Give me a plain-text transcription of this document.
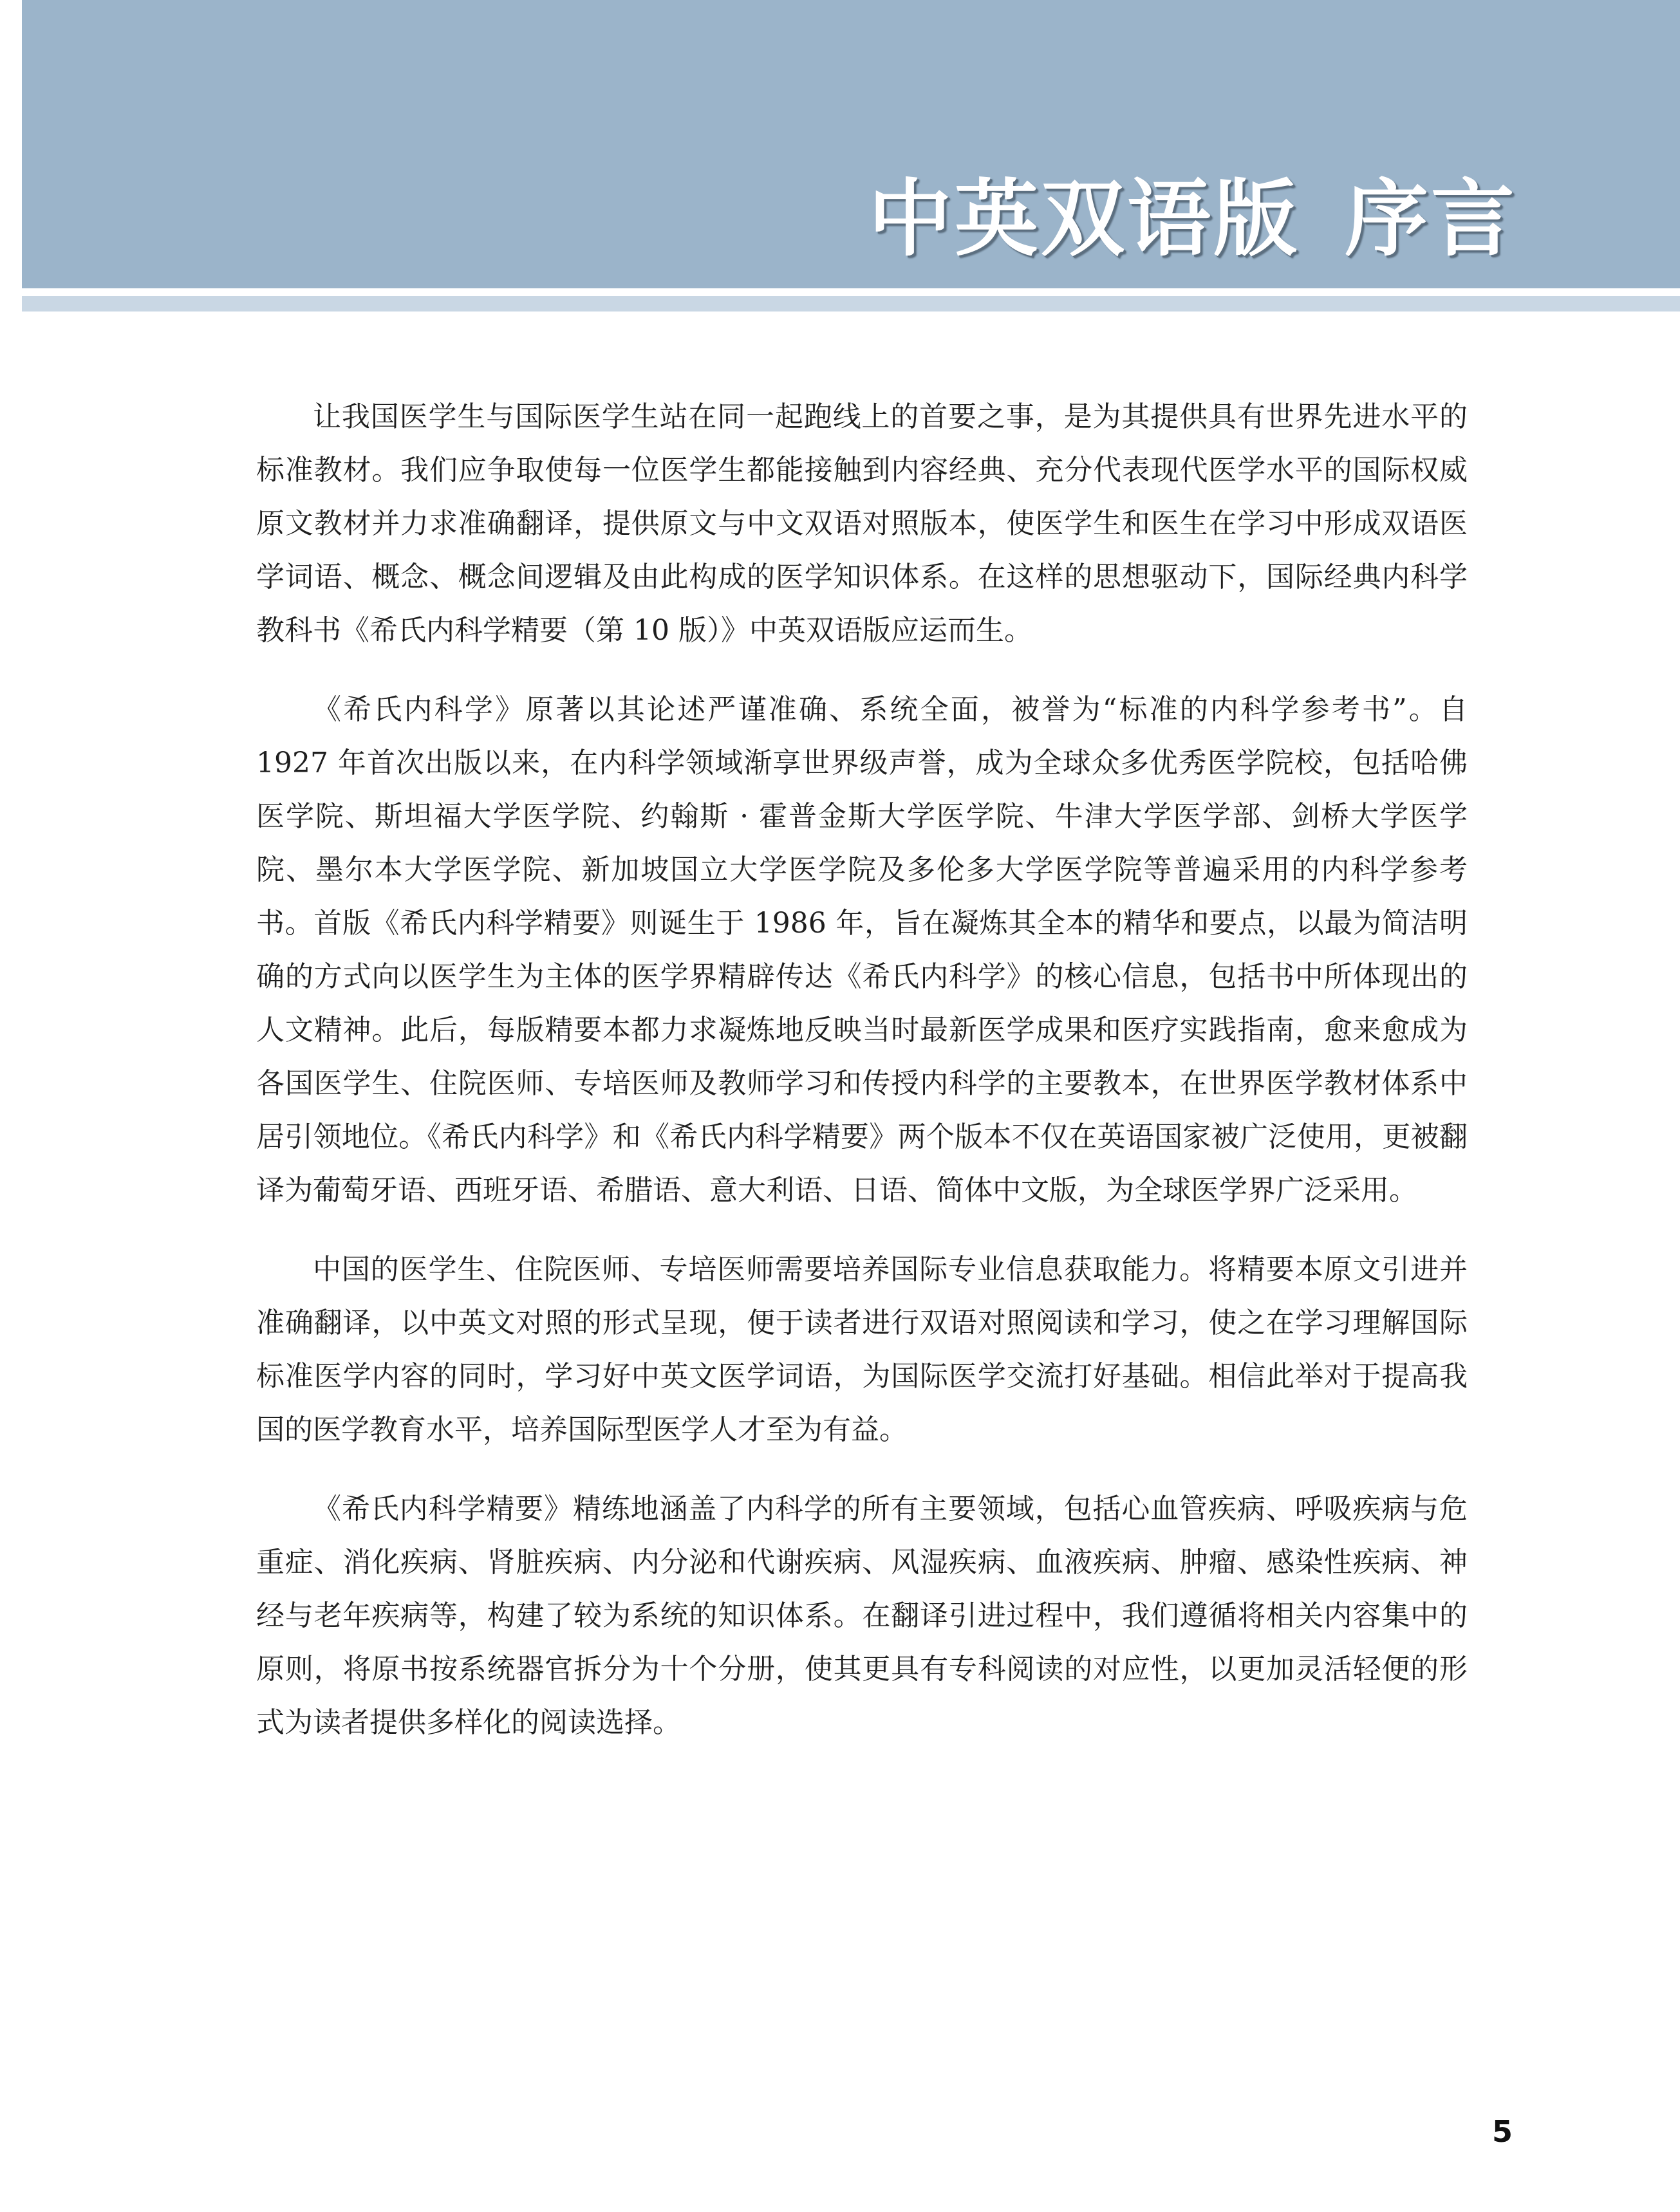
中英双语版 序言

让我国医学生与国际医学生站在同一起跑线上的首要之事，是为其提供具有世界先进水平的标准教材。我们应争取使每一位医学生都能接触到内容经典、充分代表现代医学水平的国际权威原文教材并力求准确翻译，提供原文与中文双语对照版本，使医学生和医生在学习中形成双语医学词语、概念、概念间逻辑及由此构成的医学知识体系。在这样的思想驱动下，国际经典内科学教科书《希氏内科学精要（第 10 版）》中英双语版应运而生。

《希氏内科学》原著以其论述严谨准确、系统全面，被誉为“标准的内科学参考书”。自 1927 年首次出版以来，在内科学领域渐享世界级声誉，成为全球众多优秀医学院校，包括哈佛医学院、斯坦福大学医学院、约翰斯 · 霍普金斯大学医学院、牛津大学医学部、剑桥大学医学院、墨尔本大学医学院、新加坡国立大学医学院及多伦多大学医学院等普遍采用的内科学参考书。首版《希氏内科学精要》则诞生于 1986 年，旨在凝炼其全本的精华和要点，以最为简洁明确的方式向以医学生为主体的医学界精辟传达《希氏内科学》的核心信息，包括书中所体现出的人文精神。此后，每版精要本都力求凝炼地反映当时最新医学成果和医疗实践指南，愈来愈成为各国医学生、住院医师、专培医师及教师学习和传授内科学的主要教本，在世界医学教材体系中居引领地位。《希氏内科学》和《希氏内科学精要》两个版本不仅在英语国家被广泛使用，更被翻译为葡萄牙语、西班牙语、希腊语、意大利语、日语、简体中文版，为全球医学界广泛采用。

中国的医学生、住院医师、专培医师需要培养国际专业信息获取能力。将精要本原文引进并准确翻译，以中英文对照的形式呈现，便于读者进行双语对照阅读和学习，使之在学习理解国际标准医学内容的同时，学习好中英文医学词语，为国际医学交流打好基础。相信此举对于提高我国的医学教育水平，培养国际型医学人才至为有益。

《希氏内科学精要》精练地涵盖了内科学的所有主要领域，包括心血管疾病、呼吸疾病与危重症、消化疾病、肾脏疾病、内分泌和代谢疾病、风湿疾病、血液疾病、肿瘤、感染性疾病、神经与老年疾病等，构建了较为系统的知识体系。在翻译引进过程中，我们遵循将相关内容集中的原则，将原书按系统器官拆分为十个分册，使其更具有专科阅读的对应性，以更加灵活轻便的形式为读者提供多样化的阅读选择。

5
